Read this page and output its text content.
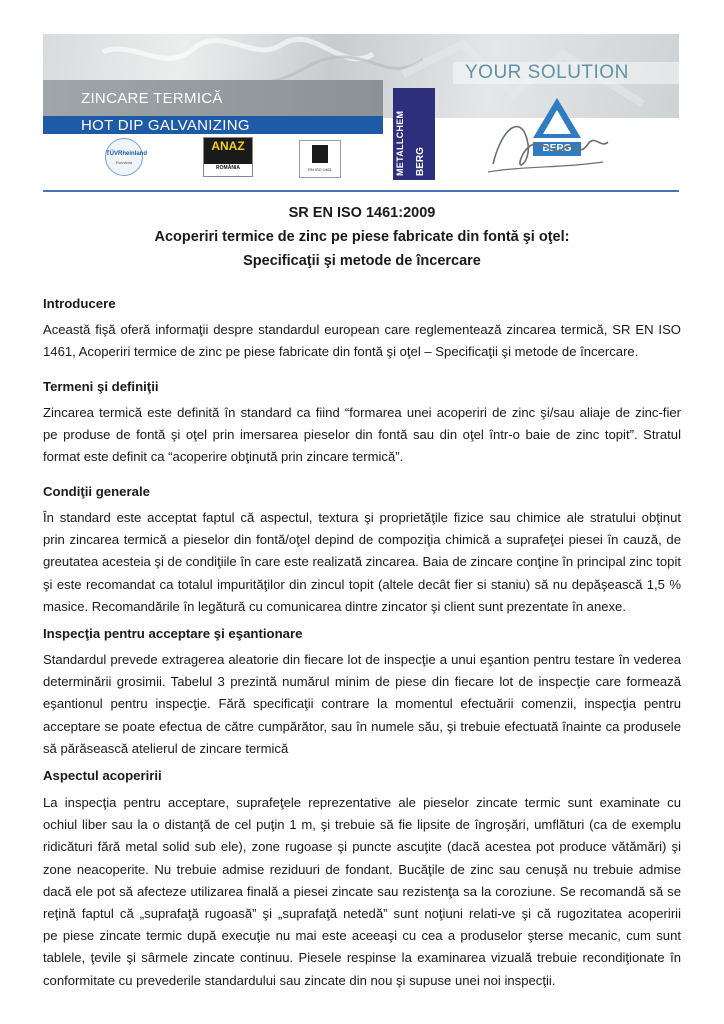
YOUR SOLUTION
ZINCARE TERMICĂ
HOT DIP GALVANIZING
TÜVRheinland
România
ANAZ
ROMÂNIA	EN ISO 1461	METALLCHEM BERG	BERG
SR EN ISO 1461:2009
Acoperiri termice de zinc pe piese fabricate din fontă şi oţel:
Specificaţii şi metode de încercare
Introducere
Această fişă oferă informaţii despre standardul european care reglementează zincarea termică, SR EN ISO
1461, Acoperiri termice de zinc pe piese fabricate din fontă şi oţel – Specificaţii şi metode de încercare.
Termeni şi definiţii
Zincarea termică este definită în standard ca fiind “formarea unei acoperiri de zinc şi/sau aliaje de zinc-fier
pe produse de fontă şi oţel prin imersarea pieselor din fontă sau din oţel într-o baie de zinc topit”. Stratul
format este definit ca “acoperire obţinută prin zincare termică”.
Condiţii generale
În standard este acceptat faptul că aspectul, textura şi proprietăţile fizice sau chimice ale stratului obţinut
prin zincarea termică a pieselor din fontă/oţel depind de compoziţia chimică a suprafeţei piesei în cauză, de
greutatea acesteia şi de condiţiile în care este realizată zincarea. Baia de zincare conţine în principal zinc topit
şi este recomandat ca totalul impurităţilor din zincul topit (altele decât fier si staniu) să nu depăşească 1,5 %
masice. Recomandările în legătură cu comunicarea dintre zincator şi client sunt prezentate în anexe.
Inspecţia pentru acceptare şi eşantionare
Standardul prevede extragerea aleatorie din fiecare lot de inspecţie a unui eşantion pentru testare în vederea
determinării grosimii. Tabelul 3 prezintă numărul minim de piese din fiecare lot de inspecţie care formează
eşantionul pentru inspecţie. Fără specificaţii contrare la momentul efectuării comenzii, inspecţia pentru
acceptare se poate efectua de către cumpărător, sau în numele său, şi trebuie efectuată înainte ca produsele
să părăsească atelierul de zincare termică
Aspectul acoperirii
La inspecţia pentru acceptare, suprafeţele reprezentative ale pieselor zincate termic sunt examinate cu
ochiul liber sau la o distanţă de cel puţin 1 m, şi trebuie să fie lipsite de îngroşări, umflături (ca de exemplu
ridicături fără metal solid sub ele), zone rugoase şi puncte ascuţite (dacă acestea pot produce vătămări) şi
zone neacoperite. Nu trebuie admise reziduuri de fondant. Bucăţile de zinc sau cenuşă nu trebuie admise
dacă ele pot să afecteze utilizarea finală a piesei zincate sau rezistenţa sa la coroziune. Se recomandă să se
reţină faptul că „suprafaţă rugoasă” şi „suprafaţă netedă” sunt noţiuni relati-ve şi că rugozitatea acoperirii
pe piese zincate termic după execuţie nu mai este aceeaşi cu cea a produselor şterse mecanic, cum sunt
tablele, ţevile şi sârmele zincate continuu. Piesele respinse la examinarea vizuală trebuie recondiţionate în
conformitate cu prevederile standardului sau zincate din nou şi supuse unei noi inspecţii.
